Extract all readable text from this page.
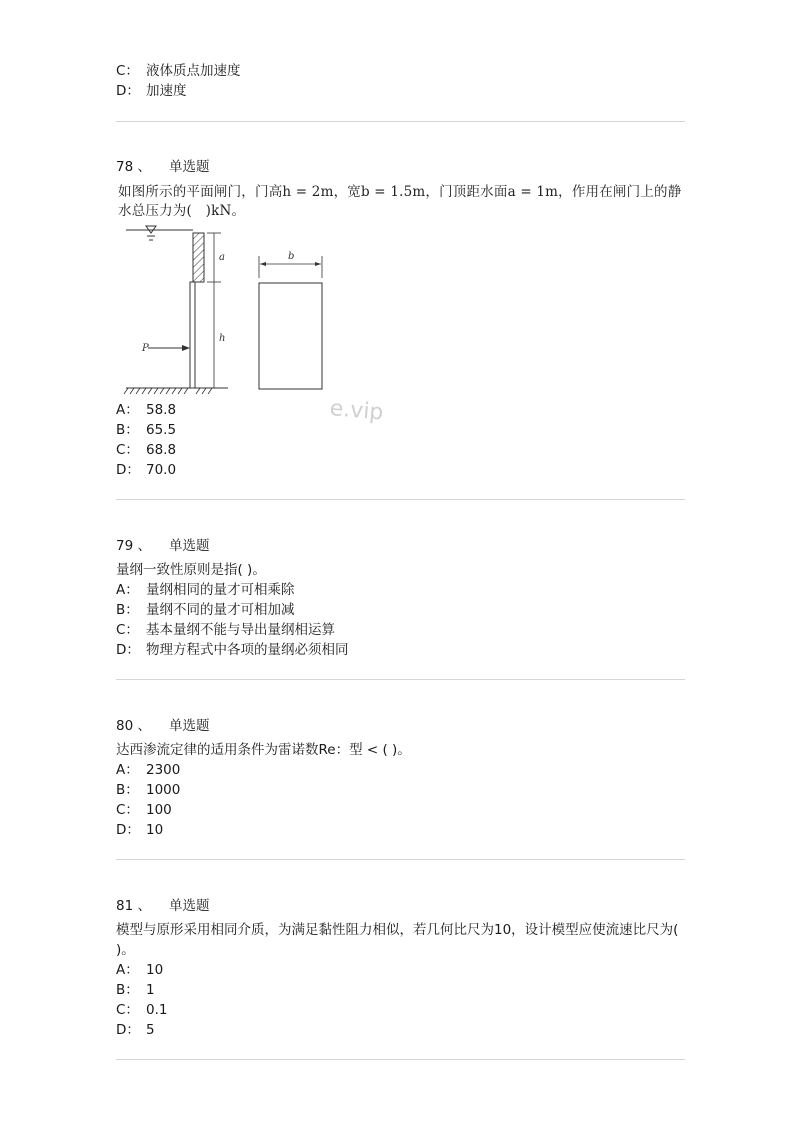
C： 液体质点加速度
D： 加速度
78 、 单选题
如图所示的平面闸门，门高h = 2m，宽b = 1.5m，门顶距水面a = 1m，作用在闸门上的静水总压力为(　)kN。
a
h
P
b
e.vip
A： 58.8
B： 65.5
C： 68.8
D： 70.0
79 、 单选题
量纲一致性原则是指( )。
A： 量纲相同的量才可相乘除
B： 量纲不同的量才可相加减
C： 基本量纲不能与导出量纲相运算
D： 物理方程式中各项的量纲必须相同
80 、 单选题
达西渗流定律的适用条件为雷诺数Re：型 < ( )。
A： 2300
B： 1000
C： 100
D： 10
81 、 单选题
模型与原形采用相同介质，为满足黏性阻力相似，若几何比尺为10，设计模型应使流速比尺为( )。
A： 10
B： 1
C： 0.1
D： 5
